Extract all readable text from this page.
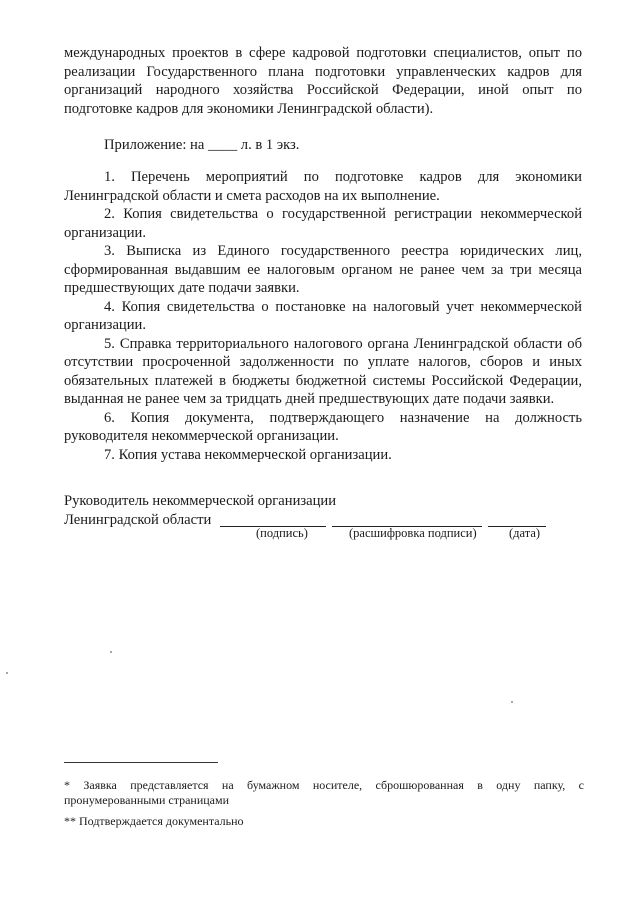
международных проектов в сфере кадровой подготовки специалистов, опыт по реализации Государственного плана подготовки управленческих кадров для организаций народного хозяйства Российской Федерации, иной опыт по подготовке кадров для экономики Ленинградской области).

Приложение: на ____ л. в 1 экз.

1. Перечень мероприятий по подготовке кадров для экономики Ленинградской области и смета расходов на их выполнение.

2. Копия свидетельства о государственной регистрации некоммерческой организации.

3. Выписка из Единого государственного реестра юридических лиц, сформированная выдавшим ее налоговым органом не ранее чем за три месяца предшествующих дате подачи заявки.

4. Копия свидетельства о постановке на налоговый учет некоммерческой организации.

5. Справка территориального налогового органа Ленинградской области об отсутствии просроченной задолженности по уплате налогов, сборов и иных обязательных платежей в бюджеты бюджетной системы Российской Федерации, выданная не ранее чем за тридцать дней предшествующих дате подачи заявки.

6. Копия документа, подтверждающего назначение на должность руководителя некоммерческой организации.

7. Копия устава некоммерческой организации.

Руководитель некоммерческой организации
Ленинградской области
(подпись)	(расшифровка подписи)	(дата)

* Заявка представляется на бумажном носителе, сброшюрованная в одну папку, с пронумерованными страницами

** Подтверждается документально
